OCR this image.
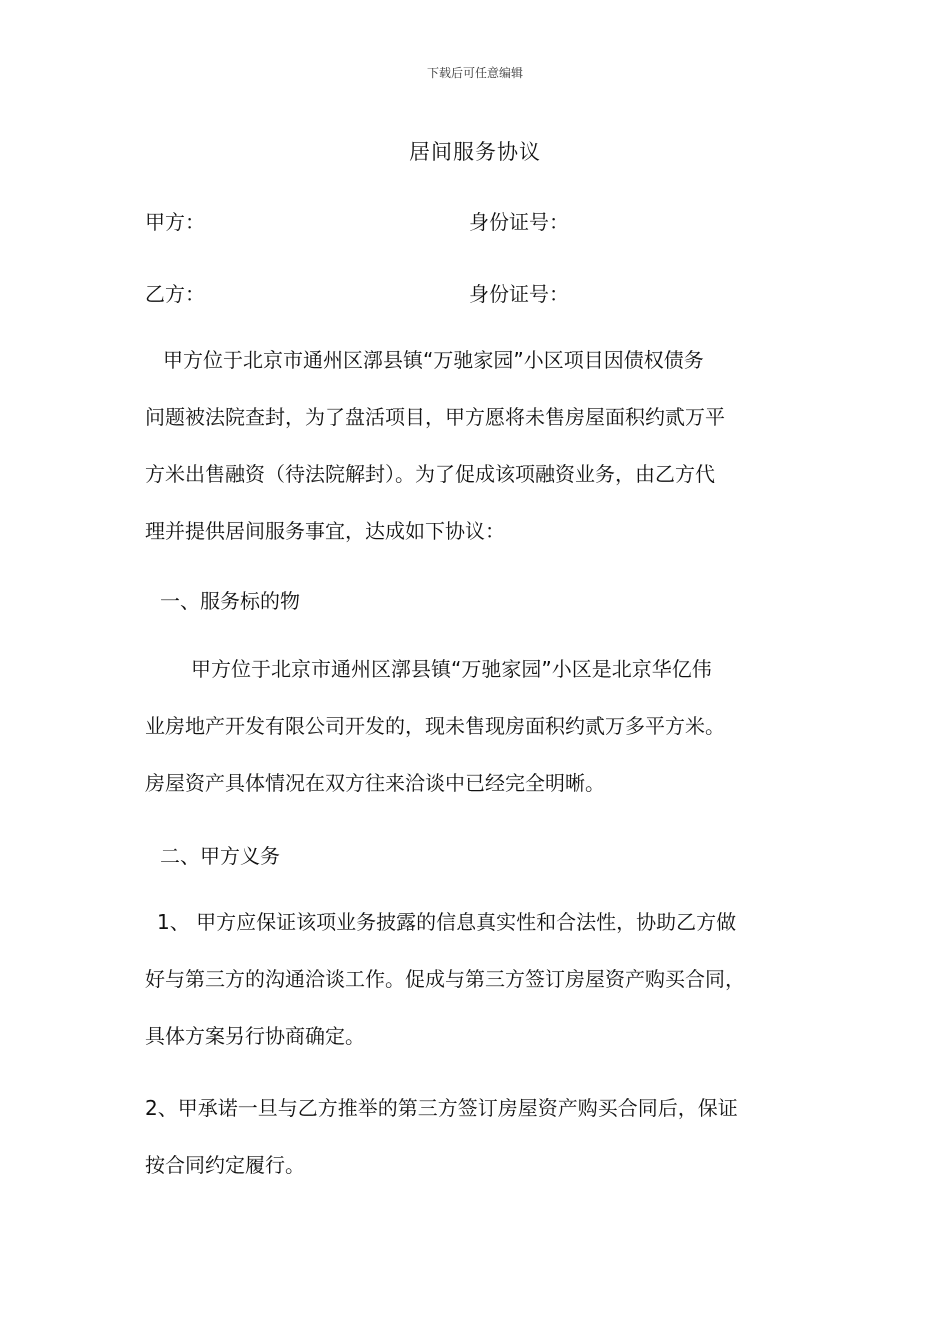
下载后可任意编辑
居间服务协议
甲方：	身份证号：
乙方：	身份证号：
甲方位于北京市通州区漷县镇“万驰家园”小区项目因债权债务
问题被法院查封，为了盘活项目，甲方愿将未售房屋面积约贰万平
方米出售融资（待法院解封）。为了促成该项融资业务，由乙方代
理并提供居间服务事宜，达成如下协议：
一、服务标的物
甲方位于北京市通州区漷县镇“万驰家园”小区是北京华亿伟
业房地产开发有限公司开发的，现未售现房面积约贰万多平方米。
房屋资产具体情况在双方往来洽谈中已经完全明晰。
二、甲方义务
1、 甲方应保证该项业务披露的信息真实性和合法性，协助乙方做
好与第三方的沟通洽谈工作。促成与第三方签订房屋资产购买合同，
具体方案另行协商确定。
2、甲承诺一旦与乙方推举的第三方签订房屋资产购买合同后，保证
按合同约定履行。
